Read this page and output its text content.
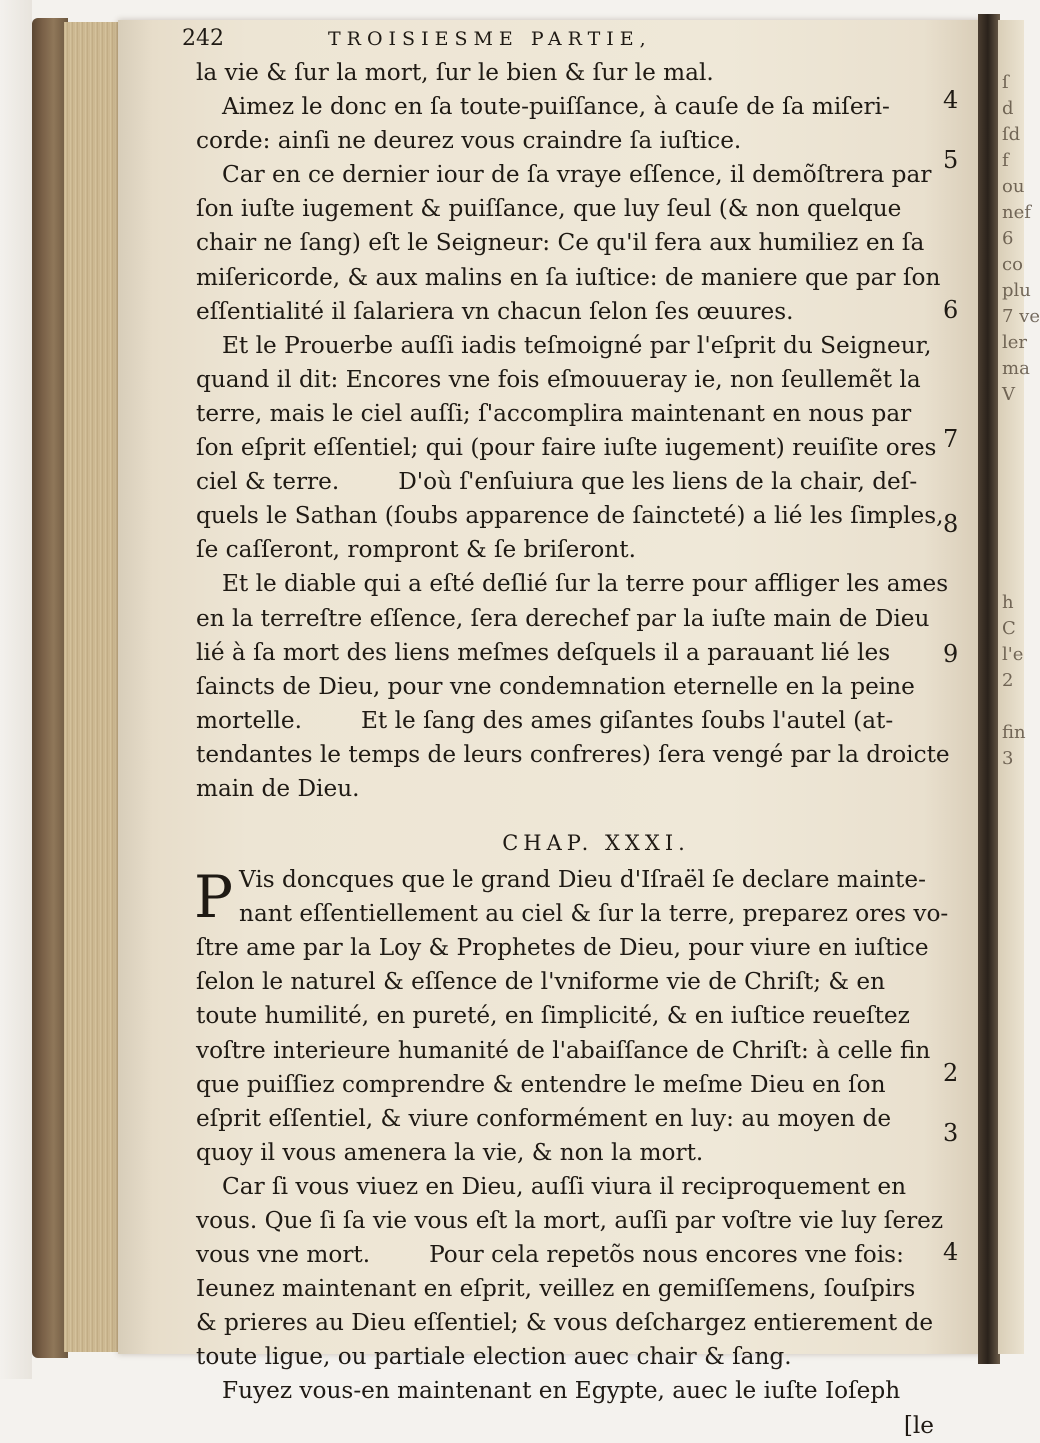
ſ
d
ſd
f
ou
nef
6
co
plu
7 ve
ler
ma
V

h
C
l'e
2

fin
3
242	TROISIESME PARTIE,
la vie & ſur la mort, ſur le bien & ſur le mal.
Aimez le donc en ſa toute-puiſſance, à cauſe de ſa miſeri-
corde: ainſi ne deurez vous craindre ſa iuſtice.
Car en ce dernier iour de ſa vraye eſſence, il demõſtrera par
ſon iuſte iugement & puiſſance, que luy ſeul (& non quelque
chair ne ſang) eſt le Seigneur: Ce qu'il fera aux humiliez en ſa
miſericorde, & aux malins en ſa iuſtice: de maniere que par ſon
eſſentialité il ſalariera vn chacun ſelon ſes œuures.
Et le Prouerbe auſſi iadis teſmoigné par l'eſprit du Seigneur,
quand il dit: Encores vne fois eſmouueray ie, non ſeullemẽt la
terre, mais le ciel auſſi; ſ'accomplira maintenant en nous par
ſon eſprit eſſentiel; qui (pour faire iuſte iugement) reuiſite ores
ciel & terre.        D'où ſ'enſuiura que les liens de la chair, deſ-
quels le Sathan (ſoubs apparence de ſaincteté) a lié les ſimples,
ſe caſſeront, rompront & ſe briſeront.
Et le diable qui a eſté deſlié ſur la terre pour affliger les ames
en la terreſtre eſſence, ſera derechef par la iuſte main de Dieu
lié à ſa mort des liens meſmes deſquels il a parauant lié les
ſaincts de Dieu, pour vne condemnation eternelle en la peine
mortelle.        Et le ſang des ames giſantes ſoubs l'autel (at-
tendantes le temps de leurs confreres) ſera vengé par la droicte
main de Dieu.
CHAP. XXXI.
P Vis doncques que le grand Dieu d'Iſraël ſe declare mainte-
nant eſſentiellement au ciel & ſur la terre, preparez ores vo-
ſtre ame par la Loy & Prophetes de Dieu, pour viure en iuſtice
ſelon le naturel & eſſence de l'vniforme vie de Chriſt; & en
toute humilité, en pureté, en ſimplicité, & en iuſtice reueſtez
voſtre interieure humanité de l'abaiſſance de Chriſt: à celle fin
que puiſſiez comprendre & entendre le meſme Dieu en ſon
eſprit eſſentiel, & viure conformément en luy: au moyen de
quoy il vous amenera la vie, & non la mort.
Car ſi vous viuez en Dieu, auſſi viura il reciproquement en
vous. Que ſi ſa vie vous eſt la mort, auſſi par voſtre vie luy ſerez
vous vne mort.        Pour cela repetõs nous encores vne fois:
Ieunez maintenant en eſprit, veillez en gemiſſemens, ſouſpirs
& prieres au Dieu eſſentiel; & vous deſchargez entierement de
toute ligue, ou partiale election auec chair & ſang.
Fuyez vous-en maintenant en Egypte, auec le iuſte Ioſeph
[le
4
5
6
7
8
9
2
3
4
